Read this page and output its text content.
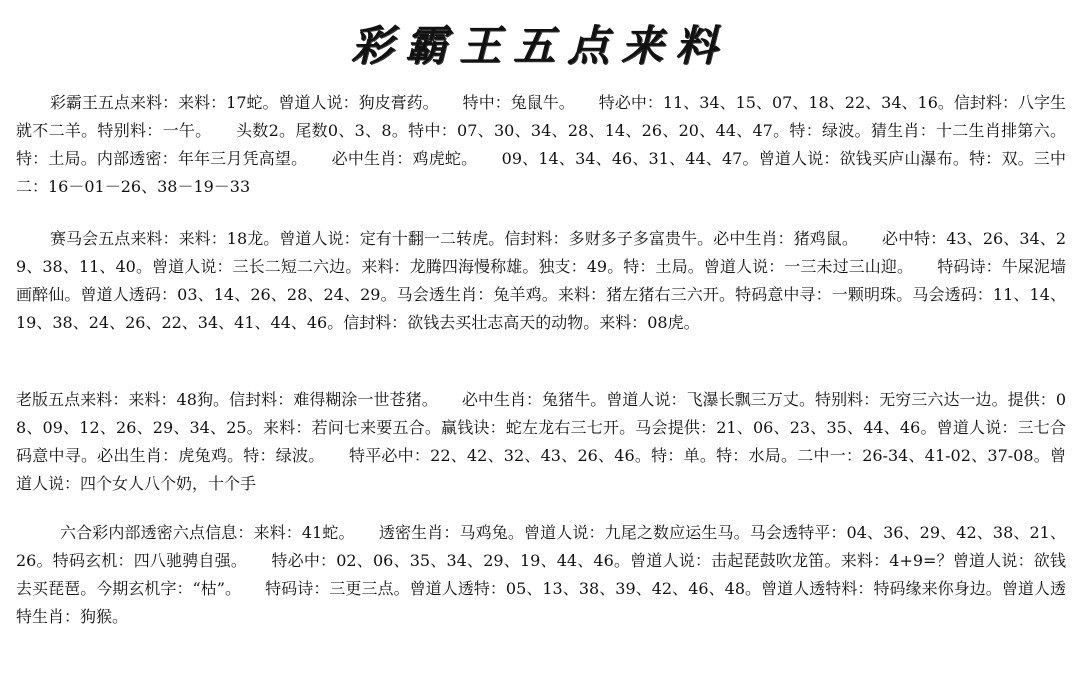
彩霸王五点来料
彩霸王五点来料：来料：17蛇。曾道人说：狗皮膏药。　　特中：兔鼠牛。　　特必中：11、34、15、07、18、22、34、16。信封料：八字生就不二羊。特别料：一午。　　头数2。尾数0、3、8。特中：07、30、34、28、14、26、20、44、47。特：绿波。猜生肖：十二生肖排第六。特：土局。内部透密：年年三月凭高望。　　必中生肖：鸡虎蛇。　　09、14、34、46、31、44、47。曾道人说：欲钱买庐山瀑布。特：双。三中二：16－01－26、38－19－33
赛马会五点来料：来料：18龙。曾道人说：定有十翻一二转虎。信封料：多财多子多富贵牛。必中生肖：猪鸡鼠。　　必中特：43、26、34、29、38、11、40。曾道人说：三长二短二六边。来料：龙腾四海慢称雄。独支：49。特：土局。曾道人说：一三未过三山迎。　　特码诗：牛屎泥墙画醉仙。曾道人透码：03、14、26、28、24、29。马会透生肖：兔羊鸡。来料：猪左猪右三六开。特码意中寻：一颗明珠。马会透码：11、14、19、38、24、26、22、34、41、44、46。信封料：欲钱去买壮志高天的动物。来料：08虎。
老版五点来料：来料：48狗。信封料：难得糊涂一世苍猪。　　必中生肖：兔猪牛。曾道人说：飞瀑长飘三万丈。特别料：无穷三六达一边。提供：08、09、12、26、29、34、25。来料：若问七来要五合。赢钱诀：蛇左龙右三七开。马会提供：21、06、23、35、44、46。曾道人说：三七合码意中寻。必出生肖：虎兔鸡。特：绿波。　　特平必中：22、42、32、43、26、46。特：单。特：水局。二中一：26-34、41-02、37-08。曾道人说：四个女人八个奶，十个手
六合彩内部透密六点信息：来料：41蛇。　　透密生肖：马鸡兔。曾道人说：九尾之数应运生马。马会透特平：04、36、29、42、38、21、26。特码玄机：四八驰骋自强。　　特必中：02、06、35、34、29、19、44、46。曾道人说：击起琵鼓吹龙笛。来料：4+9=？曾道人说：欲钱去买琵琶。今期玄机字：“枯”。　　特码诗：三更三点。曾道人透特：05、13、38、39、42、46、48。曾道人透特料：特码缘来你身边。曾道人透特生肖：狗猴。
